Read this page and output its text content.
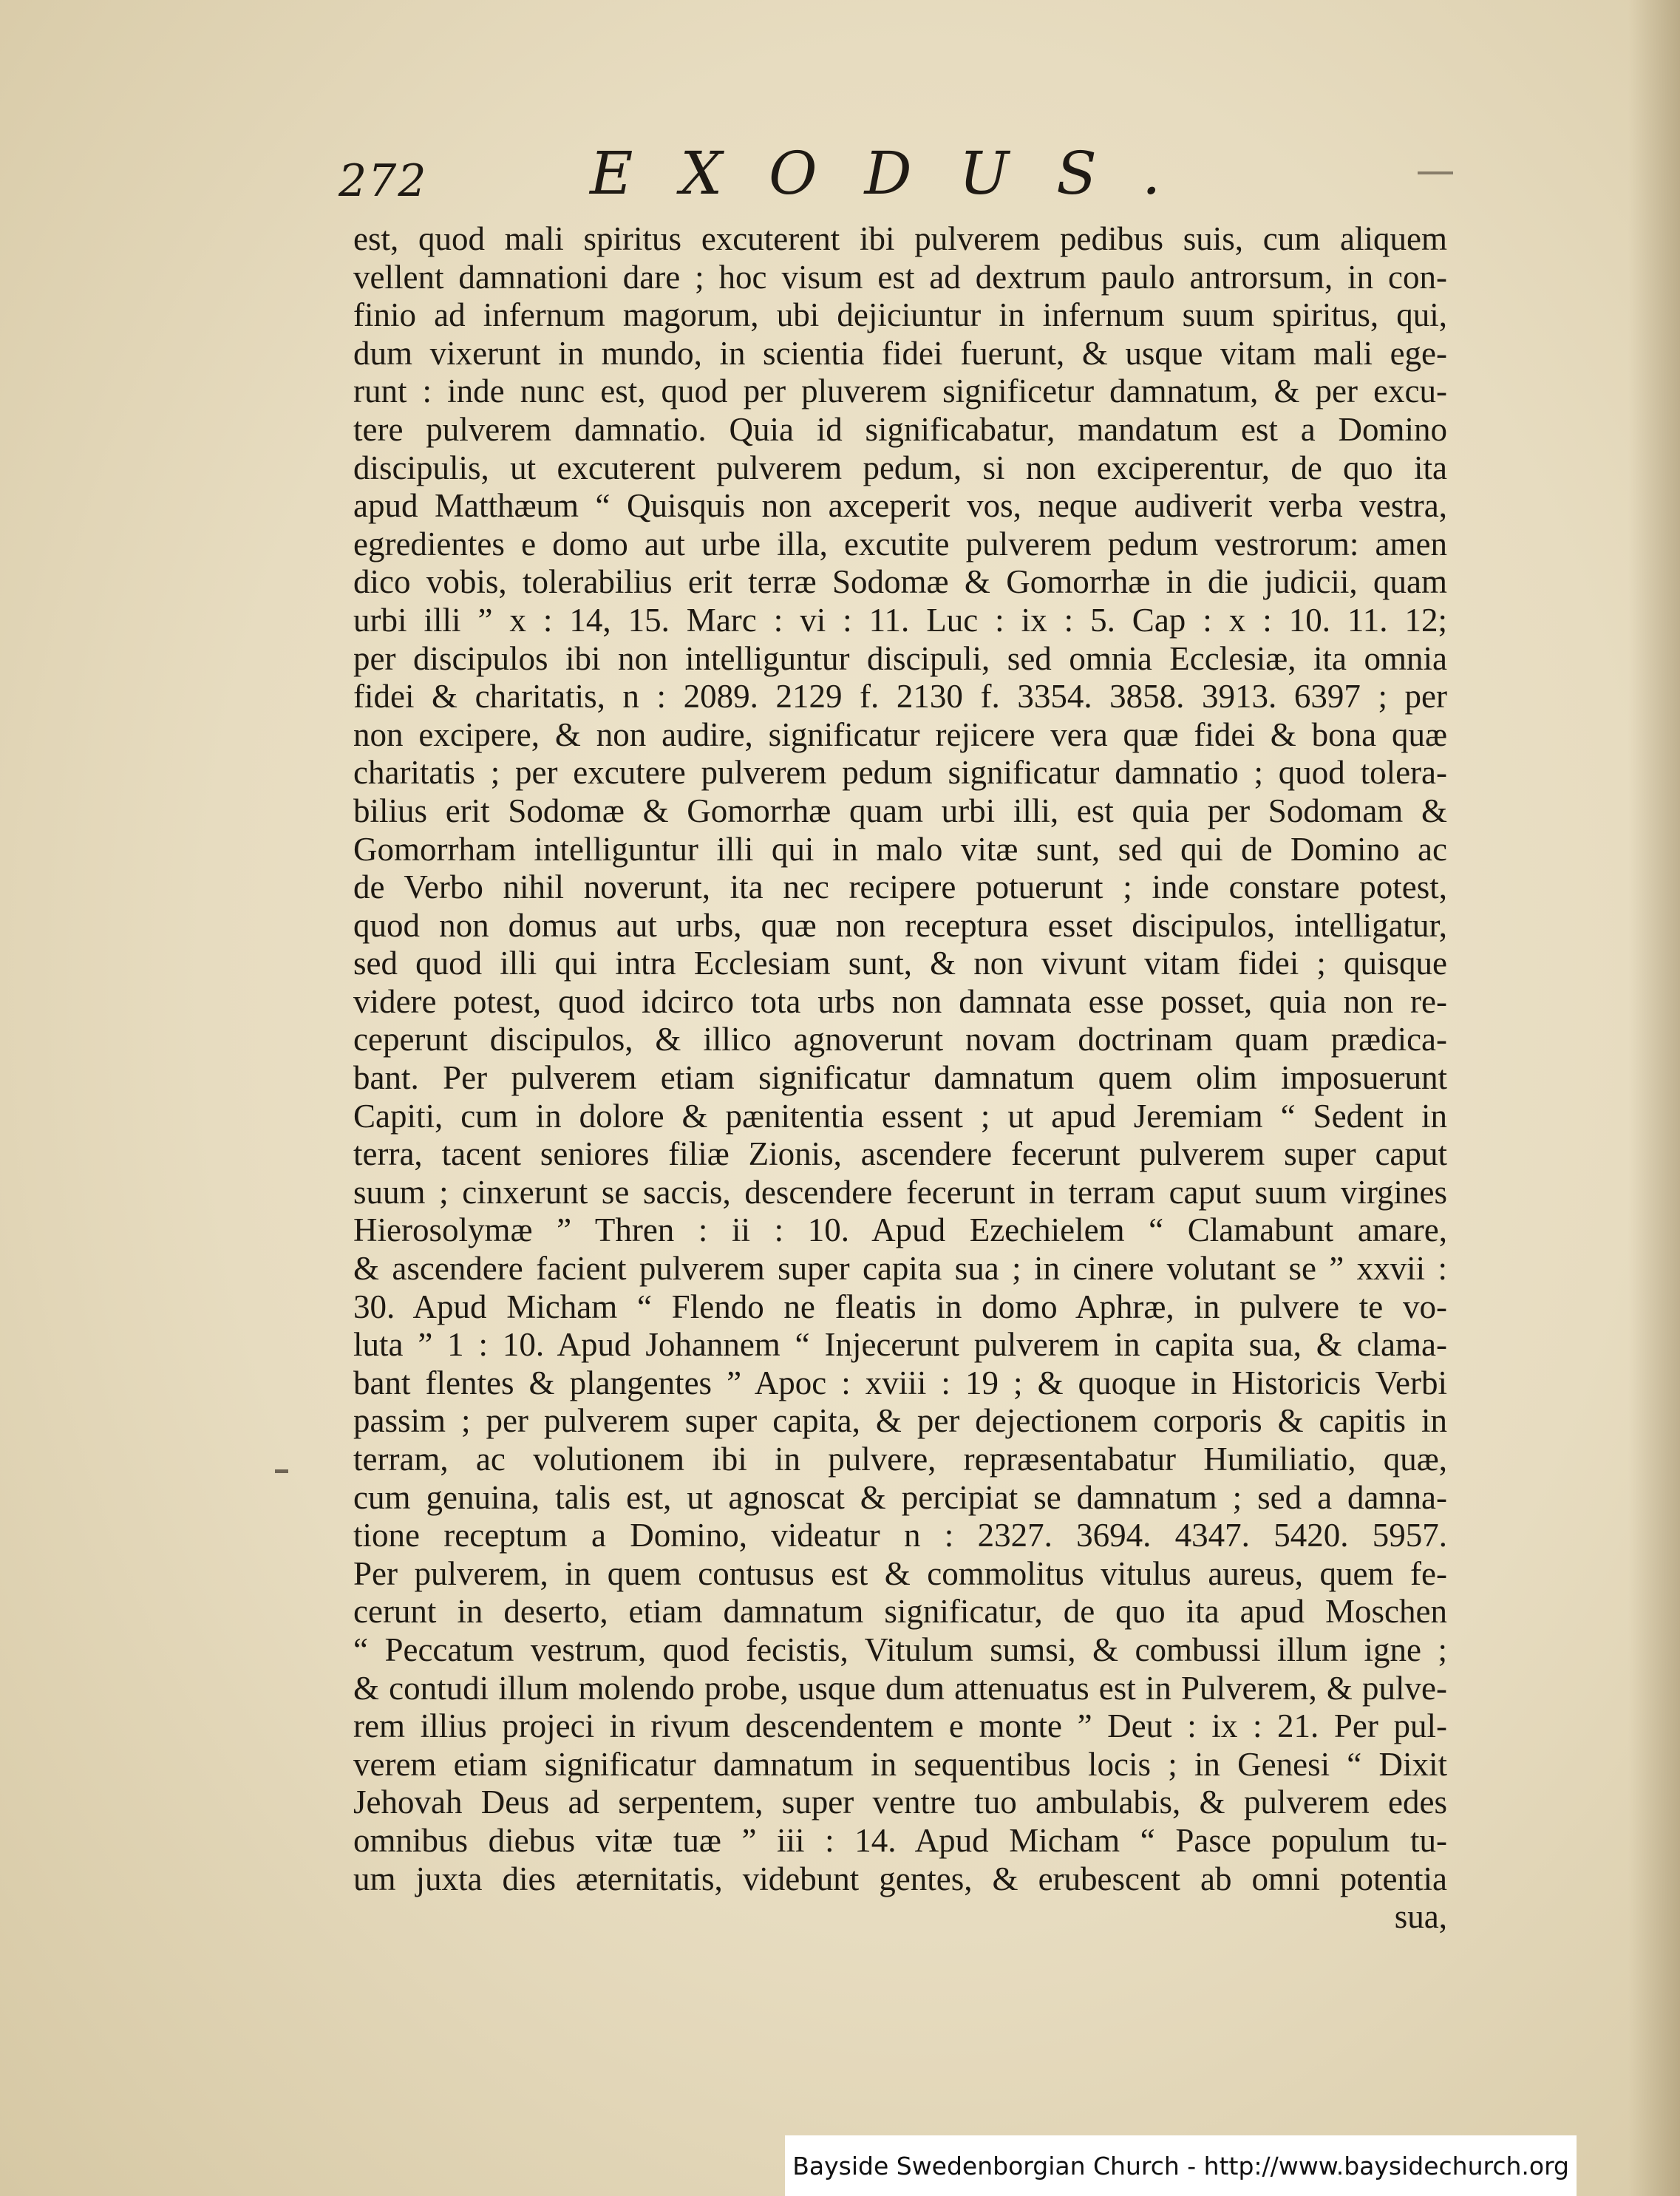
272	EXODUS.
est, quod mali spiritus excuterent ibi pulverem pedibus suis, cum aliquem
vellent damnationi dare ; hoc visum est ad dextrum paulo antrorsum, in con-
finio ad infernum magorum, ubi dejiciuntur in infernum suum spiritus, qui,
dum vixerunt in mundo, in scientia fidei fuerunt, & usque vitam mali ege-
runt : inde nunc est, quod per pluverem significetur damnatum, & per excu-
tere pulverem damnatio. Quia id significabatur, mandatum est a Domino
discipulis, ut excuterent pulverem pedum, si non exciperentur, de quo ita
apud Matthæum “ Quisquis non axceperit vos, neque audiverit verba vestra,
egredientes e domo aut urbe illa, excutite pulverem pedum vestrorum: amen
dico vobis, tolerabilius erit terræ Sodomæ & Gomorrhæ in die judicii, quam
urbi illi ” x : 14, 15. Marc : vi : 11. Luc : ix : 5. Cap : x : 10. 11. 12;
per discipulos ibi non intelliguntur discipuli, sed omnia Ecclesiæ, ita omnia
fidei & charitatis, n : 2089. 2129 f. 2130 f. 3354. 3858. 3913. 6397 ; per
non excipere, & non audire, significatur rejicere vera quæ fidei & bona quæ
charitatis ; per excutere pulverem pedum significatur damnatio ; quod tolera-
bilius erit Sodomæ & Gomorrhæ quam urbi illi, est quia per Sodomam &
Gomorrham intelliguntur illi qui in malo vitæ sunt, sed qui de Domino ac
de Verbo nihil noverunt, ita nec recipere potuerunt ; inde constare potest,
quod non domus aut urbs, quæ non receptura esset discipulos, intelligatur,
sed quod illi qui intra Ecclesiam sunt, & non vivunt vitam fidei ; quisque
videre potest, quod idcirco tota urbs non damnata esse posset, quia non re-
ceperunt discipulos, & illico agnoverunt novam doctrinam quam prædica-
bant. Per pulverem etiam significatur damnatum quem olim imposuerunt
Capiti, cum in dolore & pænitentia essent ; ut apud Jeremiam “ Sedent in
terra, tacent seniores filiæ Zionis, ascendere fecerunt pulverem super caput
suum ; cinxerunt se saccis, descendere fecerunt in terram caput suum virgines
Hierosolymæ ” Thren : ii : 10. Apud Ezechielem “ Clamabunt amare,
& ascendere facient pulverem super capita sua ; in cinere volutant se ” xxvii :
30. Apud Micham “ Flendo ne fleatis in domo Aphræ, in pulvere te vo-
luta ” 1 : 10. Apud Johannem “ Injecerunt pulverem in capita sua, & clama-
bant flentes & plangentes ” Apoc : xviii : 19 ; & quoque in Historicis Verbi
passim ; per pulverem super capita, & per dejectionem corporis & capitis in
terram, ac volutionem ibi in pulvere, repræsentabatur Humiliatio, quæ,
cum genuina, talis est, ut agnoscat & percipiat se damnatum ; sed a damna-
tione receptum a Domino, videatur n : 2327. 3694. 4347. 5420. 5957.
Per pulverem, in quem contusus est & commolitus vitulus aureus, quem fe-
cerunt in deserto, etiam damnatum significatur, de quo ita apud Moschen
“ Peccatum vestrum, quod fecistis, Vitulum sumsi, & combussi illum igne ;
& contudi illum molendo probe, usque dum attenuatus est in Pulverem, & pulve-
rem illius projeci in rivum descendentem e monte ” Deut : ix : 21. Per pul-
verem etiam significatur damnatum in sequentibus locis ; in Genesi “ Dixit
Jehovah Deus ad serpentem, super ventre tuo ambulabis, & pulverem edes
omnibus diebus vitæ tuæ ” iii : 14. Apud Micham “ Pasce populum tu-
um juxta dies æternitatis, videbunt gentes, & erubescent ab omni potentia
sua,
Bayside Swedenborgian Church - http://www.baysidechurch.org
